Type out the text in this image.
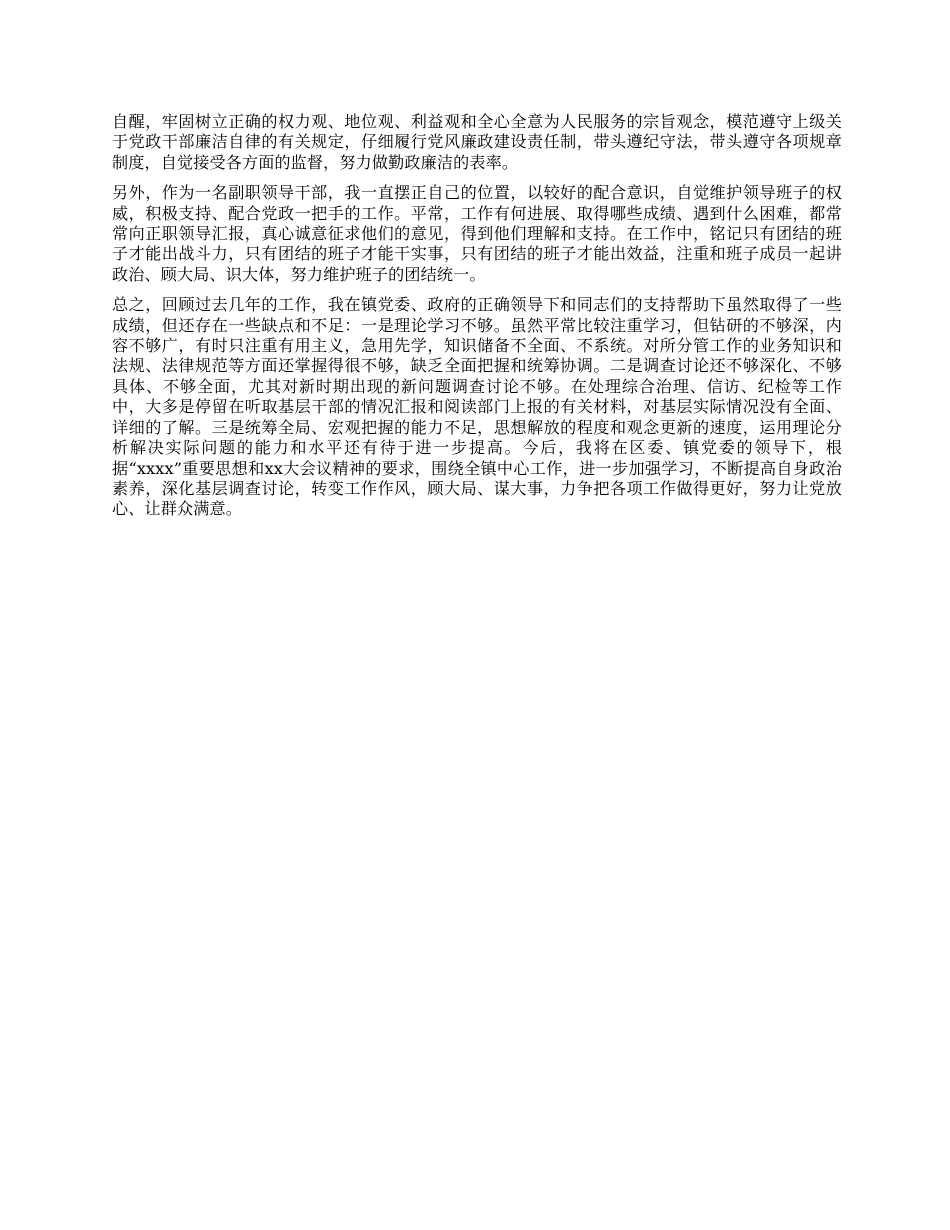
自醒，牢固树立正确的权力观、地位观、利益观和全心全意为人民服务的宗旨观念，模范遵守上级关于党政干部廉洁自律的有关规定，仔细履行党风廉政建设责任制，带头遵纪守法，带头遵守各项规章制度，自觉接受各方面的监督，努力做勤政廉洁的表率。

另外，作为一名副职领导干部，我一直摆正自己的位置，以较好的配合意识，自觉维护领导班子的权威，积极支持、配合党政一把手的工作。平常，工作有何进展、取得哪些成绩、遇到什么困难，都常常向正职领导汇报，真心诚意征求他们的意见，得到他们理解和支持。在工作中，铭记只有团结的班子才能出战斗力，只有团结的班子才能干实事，只有团结的班子才能出效益，注重和班子成员一起讲政治、顾大局、识大体，努力维护班子的团结统一。

总之，回顾过去几年的工作，我在镇党委、政府的正确领导下和同志们的支持帮助下虽然取得了一些成绩，但还存在一些缺点和不足：一是理论学习不够。虽然平常比较注重学习，但钻研的不够深，内容不够广，有时只注重有用主义，急用先学，知识储备不全面、不系统。对所分管工作的业务知识和法规、法律规范等方面还掌握得很不够，缺乏全面把握和统筹协调。二是调查讨论还不够深化、不够具体、不够全面，尤其对新时期出现的新问题调查讨论不够。在处理综合治理、信访、纪检等工作中，大多是停留在听取基层干部的情况汇报和阅读部门上报的有关材料，对基层实际情况没有全面、详细的了解。三是统筹全局、宏观把握的能力不足，思想解放的程度和观念更新的速度，运用理论分析解决实际问题的能力和水平还有待于进一步提高。今后，我将在区委、镇党委的领导下，根据“xxxx”重要思想和xx大会议精神的要求，围绕全镇中心工作，进一步加强学习，不断提高自身政治素养，深化基层调查讨论，转变工作作风，顾大局、谋大事，力争把各项工作做得更好，努力让党放心、让群众满意。
